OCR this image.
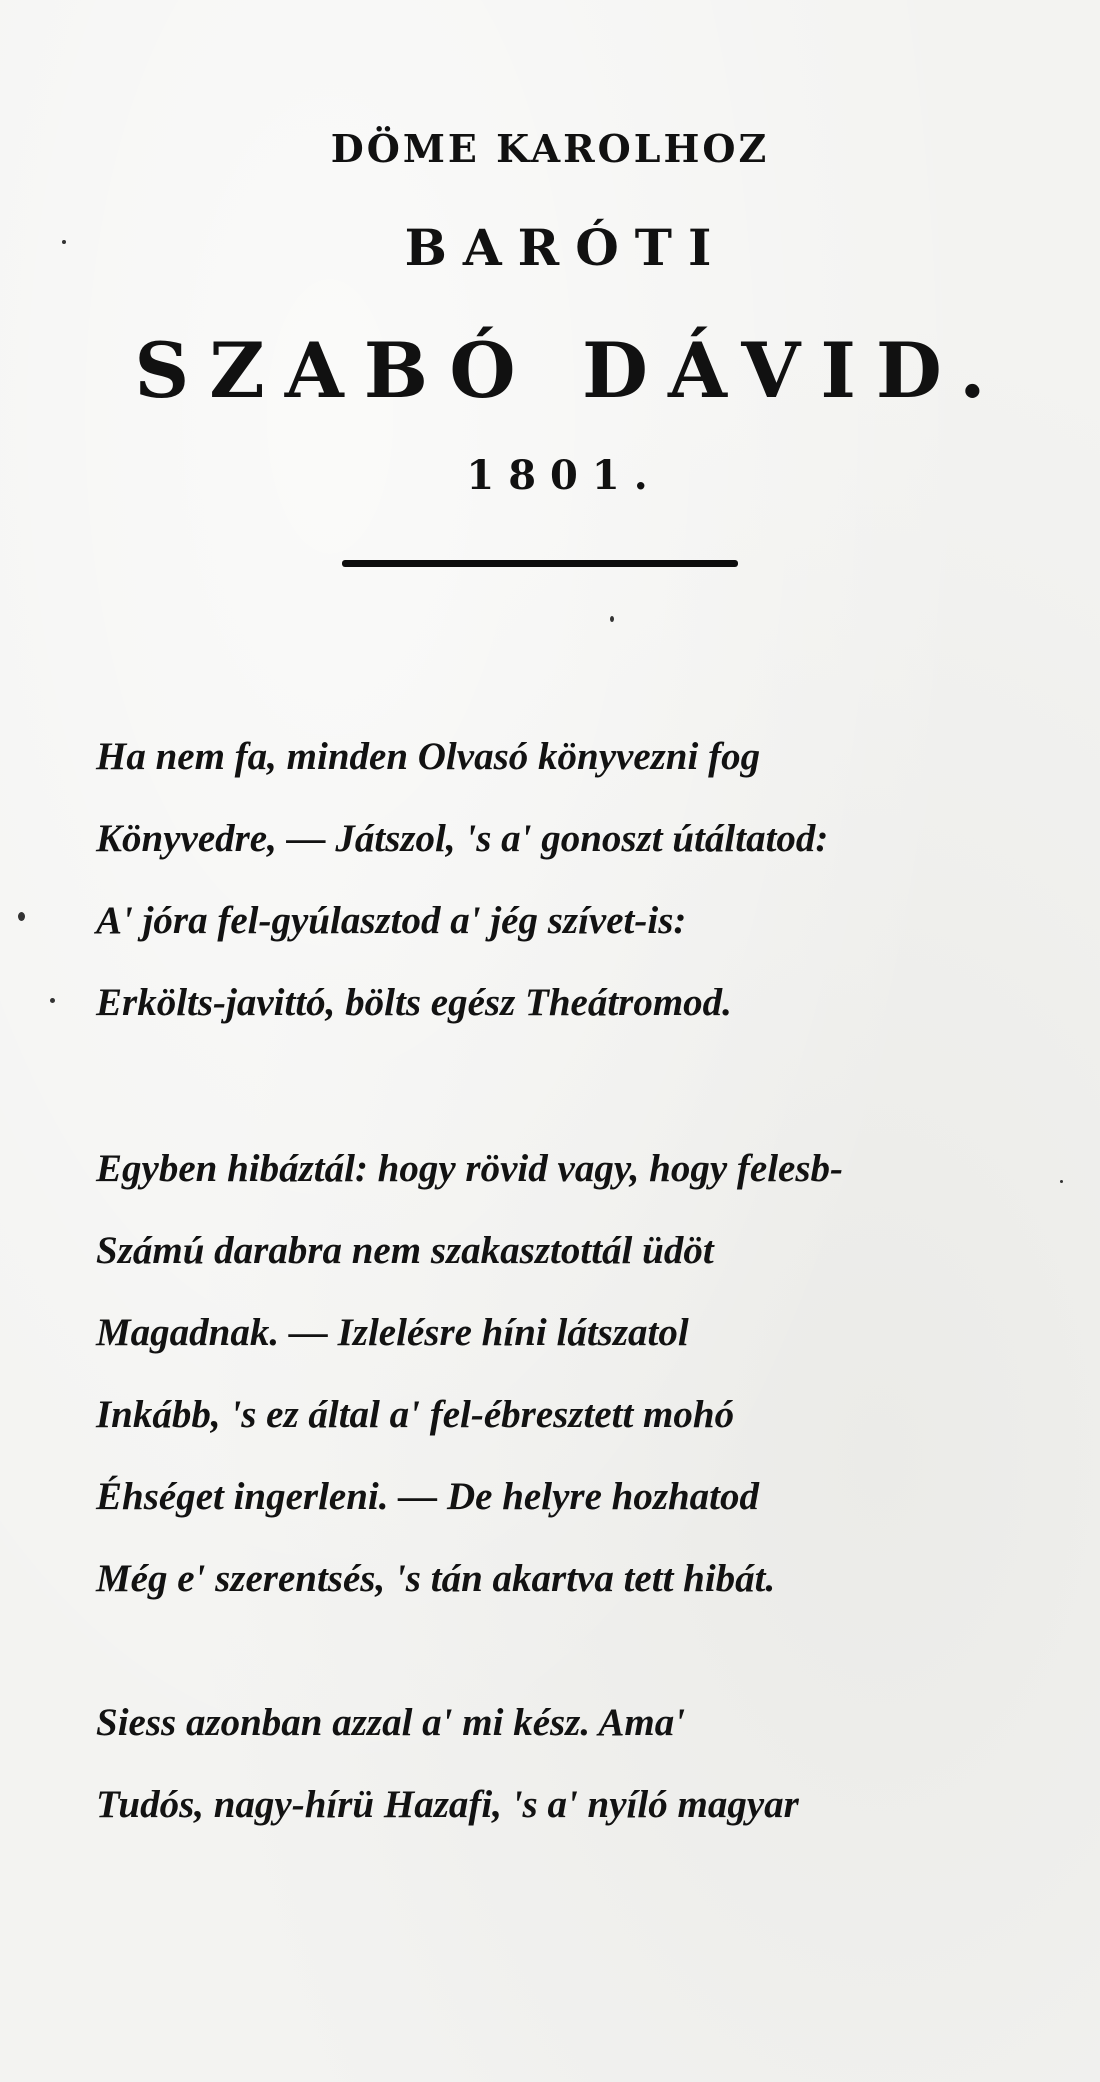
DÖME KAROLHOZ
BARÓTI
SZABÓ DÁVID.
1801.
Ha nem fa, minden Olvasó könyvezni fog
Könyvedre, — Játszol, 's a' gonoszt útáltatod:
A' jóra fel-gyúlasztod a' jég szívet-is:
Erkölts-javittó, bölts egész Theátromod.
Egyben hibáztál: hogy rövid vagy, hogy felesb-
Számú darabra nem szakasztottál üdöt
Magadnak. — Izlelésre híni látszatol
Inkább, 's ez által a' fel-ébresztett mohó
Éhséget ingerleni. — De helyre hozhatod
Még e' szerentsés, 's tán akartva tett hibát.
Siess azonban azzal a' mi kész. Ama'
Tudós, nagy-hírü Hazafi, 's a' nyíló magyar
